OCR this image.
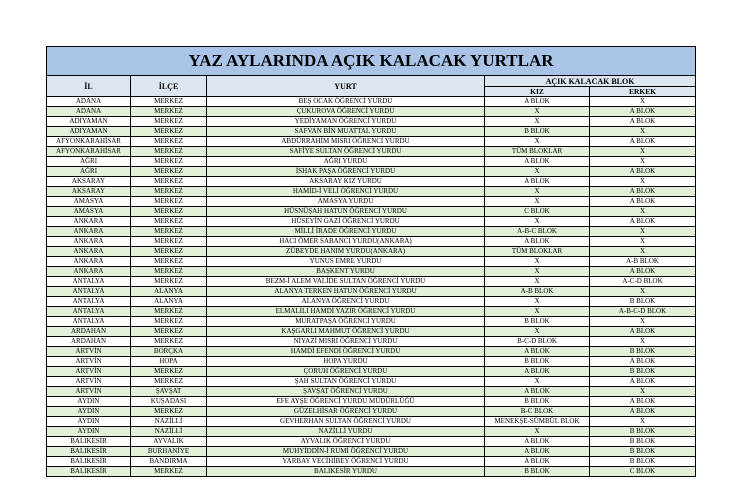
YAZ AYLARINDA AÇIK KALACAK YURTLAR				
İL	İLÇE	YURT	AÇIK KALACAK BLOK	
			KIZ	ERKEK
ADANA	MERKEZ	BEŞ OCAK ÖĞRENCİ YURDU	A BLOK	X
ADANA	MERKEZ	ÇUKUROVA ÖĞRENCİ YURDU	X	A BLOK
ADIYAMAN	MERKEZ	YEDİYAMAN ÖĞRENCİ YURDU	X	A BLOK
ADIYAMAN	MERKEZ	SAFVAN BİN MUATTAL YURDU	B BLOK	X
AFYONKARAHİSAR	MERKEZ	ABDÜRRAHİM MISRI ÖĞRENCİ YURDU	X	A BLOK
AFYONKARAHİSAR	MERKEZ	SAFİYE SULTAN ÖĞRENCİ YURDU	TÜM BLOKLAR	X
AĞRI	MERKEZ	AĞRI YURDU	A BLOK	X
AĞRI	MERKEZ	İSHAK PAŞA ÖĞRENCİ YURDU	X	A BLOK
AKSARAY	MERKEZ	AKSARAY KIZ YURDU	A BLOK	X
AKSARAY	MERKEZ	HAMİD-İ VELİ ÖĞRENCİ YURDU	X	A BLOK
AMASYA	MERKEZ	AMASYA YURDU	X	A BLOK
AMASYA	MERKEZ	HÜSNÜŞAH HATUN ÖĞRENCİ YURDU	C BLOK	X
ANKARA	MERKEZ	HÜSEYİN GAZİ ÖĞRENCİ YURDU	X	A BLOK
ANKARA	MERKEZ	MİLLİ İRADE ÖĞRENCİ YURDU	A-B-C BLOK	X
ANKARA	MERKEZ	HACI ÖMER SABANCI YURDU(ANKARA)	A BLOK	X
ANKARA	MERKEZ	ZÜBEYDE HANIM YURDU(ANKARA)	TÜM BLOKLAR	X
ANKARA	MERKEZ	YUNUS EMRE YURDU	X	A-B BLOK
ANKARA	MERKEZ	BAŞKENT YURDU	X	A BLOK
ANTALYA	MERKEZ	BEZM-İ ALEM VALİDE SULTAN ÖĞRENCİ YURDU	X	A-C-D BLOK
ANTALYA	ALANYA	ALANYA TERKEN HATUN ÖĞRENCİ YURDU	A-B BLOK	X
ANTALYA	ALANYA	ALANYA ÖĞRENCİ YURDU	X	B BLOK
ANTALYA	MERKEZ	ELMALILI HAMDİ YAZIR ÖĞRENCİ YURDU	X	A-B-C-D BLOK
ANTALYA	MERKEZ	MURATPAŞA ÖĞRENCİ YURDU	B BLOK	X
ARDAHAN	MERKEZ	KAŞGARLI MAHMUT ÖĞRENCİ YURDU	X	A BLOK
ARDAHAN	MERKEZ	NİYAZİ MISRI ÖĞRENCİ YURDU	B-C-D BLOK	X
ARTVİN	BORÇKA	HAMDİ EFENDİ ÖĞRENCİ YURDU	A BLOK	B BLOK
ARTVİN	HOPA	HOPA YURDU	B BLOK	A BLOK
ARTVİN	MERKEZ	ÇORUH ÖĞRENCİ YURDU	A BLOK	B BLOK
ARTVİN	MERKEZ	ŞAH SULTAN ÖĞRENCİ YURDU	X	A BLOK
ARTVİN	ŞAVŞAT	ŞAVŞAT ÖĞRENCİ YURDU	A BLOK	X
AYDIN	KUŞADASI	EFE AYŞE ÖĞRENCİ YURDU MÜDÜRLÜĞÜ	B BLOK	A BLOK
AYDIN	MERKEZ	GÜZELHİSAR ÖĞRENCİ YURDU	B-C BLOK	A BLOK
AYDIN	NAZİLLİ	GEVHERHAN SULTAN ÖĞRENCİ YURDU	MENEKŞE-SÜMBÜL BLOK	X
AYDIN	NAZİLLİ	NAZİLLİ YURDU	X	B BLOK
BALIKESİR	AYVALIK	AYVALIK ÖĞRENCİ YURDU	A BLOK	B BLOK
BALIKESİR	BURHANİYE	MUHYİDDİN-İ RUMİ ÖĞRENCİ YURDU	A BLOK	B BLOK
BALIKESİR	BANDIRMA	YARBAY VECİHİBEY ÖĞRENCİ YURDU	A BLOK	B BLOK
BALIKESİR	MERKEZ	BALIKESİR YURDU	B BLOK	C BLOK
